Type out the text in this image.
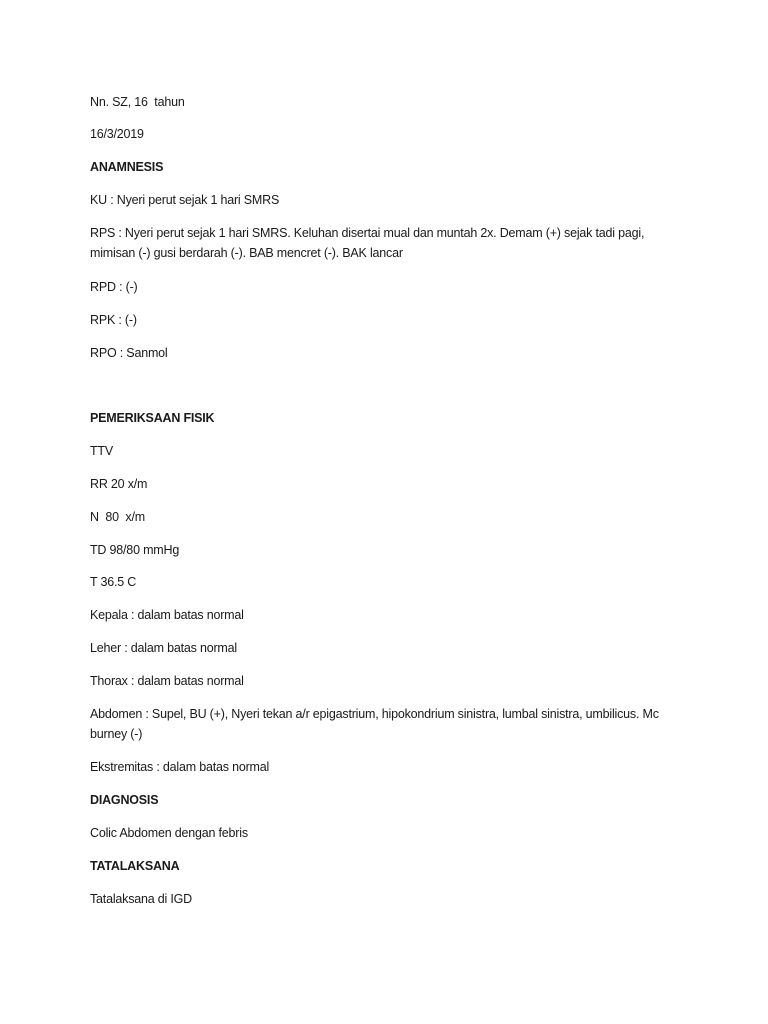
Nn. SZ, 16  tahun
16/3/2019
ANAMNESIS
KU : Nyeri perut sejak 1 hari SMRS
RPS : Nyeri perut sejak 1 hari SMRS. Keluhan disertai mual dan muntah 2x. Demam (+) sejak tadi pagi, mimisan (-) gusi berdarah (-). BAB mencret (-). BAK lancar
RPD : (-)
RPK : (-)
RPO : Sanmol
PEMERIKSAAN FISIK
TTV
RR 20 x/m
N  80  x/m
TD 98/80 mmHg
T 36.5 C
Kepala : dalam batas normal
Leher : dalam batas normal
Thorax : dalam batas normal
Abdomen : Supel, BU (+), Nyeri tekan a/r epigastrium, hipokondrium sinistra, lumbal sinistra, umbilicus. Mc burney (-)
Ekstremitas : dalam batas normal
DIAGNOSIS
Colic Abdomen dengan febris
TATALAKSANA
Tatalaksana di IGD
